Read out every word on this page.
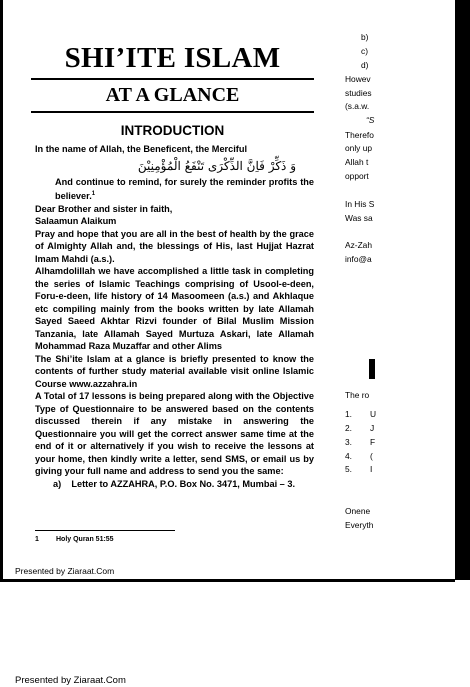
SHI’ITE ISLAM
AT A GLANCE
INTRODUCTION

In the name of Allah, the Beneficent, the Merciful

وَ ذَكِّرْ فَاِنَّ الذِّكْرَى تَنْفَعُ الْمُؤْمِنِيْنَ

And continue to remind, for surely the reminder profits the believer.$^1$

Dear Brother and sister in faith,

Salaamun Alaikum

Pray and hope that you are all in the best of health by the grace of Almighty Allah and, the blessings of His, last Hujjat Hazrat Imam Mahdi (a.s.).

Alhamdolillah we have accomplished a little task in completing the series of Islamic Teachings comprising of Usool-e-deen, Foru-e-deen, life history of 14 Masoomeen (a.s.) and Akhlaque etc compiling mainly from the books written by late Allamah Sayed Saeed Akhtar Rizvi founder of Bilal Muslim Mission Tanzania, late Allamah Sayed Murtuza Askari, late Allamah Mohammad Raza Muzaffar and other Alims

The Shi’ite Islam at a glance is briefly presented to know the contents of further study material available visit online Islamic Course www.azzahra.in

A Total of 17 lessons is being prepared along with the Objective Type of Questionnaire to be answered based on the contents discussed therein if any mistake in answering the Questionnaire you will get the correct answer same time at the end of it or alternatively if you wish to receive the lessons at your home, then kindly write a letter, send SMS, or email us by giving your full name and address to send you the same:

a) Letter to AZZAHRA, P.O. Box No. 3471, Mumbai – 3.

1 Holy Quran 51:55
Presented by Ziaraat.Com
b)
c)
d)
Howev
studies
(s.a.w.
“S
Therefo
only up
Allah t
opport
In His S
Was sa
Az-Zah
info@a
The ro
1.	U
2.	J
3.	F
4.	(
5.	I
Onene
Everyth
Presented by Ziaraat.Com
